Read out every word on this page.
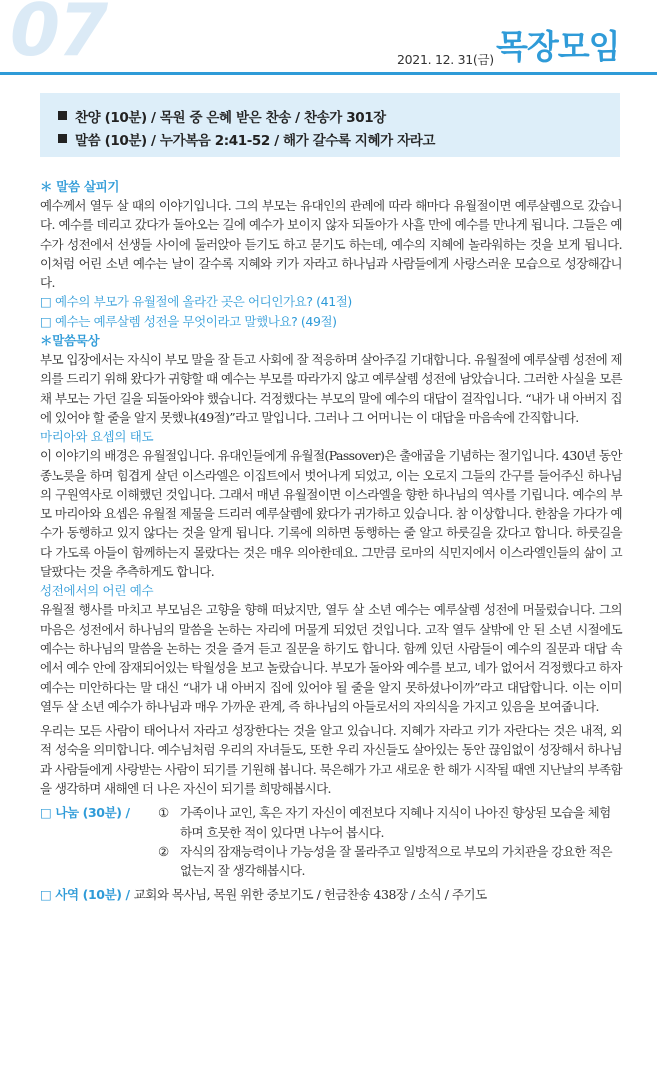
07	2021. 12. 31(금) 목장모임
찬양 (10분) / 목원 중 은혜 받은 찬송 / 찬송가 301장
말씀 (10분) / 누가복음 2:41-52 / 해가 갈수록 지혜가 자라고
＊ 말씀 살피기

예수께서 열두 살 때의 이야기입니다. 그의 부모는 유대인의 관례에 따라 해마다 유월절이면 예루살렘으로 갔습니다. 예수를 데리고 갔다가 돌아오는 길에 예수가 보이지 않자 되돌아가 사흘 만에 예수를 만나게 됩니다. 그들은 예수가 성전에서 선생들 사이에 둘러앉아 듣기도 하고 묻기도 하는데, 예수의 지혜에 놀라워하는 것을 보게 됩니다. 이처럼 어린 소년 예수는 날이 갈수록 지혜와 키가 자라고 하나님과 사람들에게 사랑스러운 모습으로 성장해갑니다.

□ 예수의 부모가 유월절에 올라간 곳은 어디인가요? (41절)
□ 예수는 예루살렘 성전을 무엇이라고 말했나요? (49절)
＊말씀묵상

부모 입장에서는 자식이 부모 말을 잘 듣고 사회에 잘 적응하며 살아주길 기대합니다. 유월절에 예루살렘 성전에 제의를 드리기 위해 왔다가 귀향할 때 예수는 부모를 따라가지 않고 예루살렘 성전에 남았습니다. 그러한 사실을 모른 채 부모는 가던 길을 되돌아와야 했습니다. 걱정했다는 부모의 말에 예수의 대답이 걸작입니다. “내가 내 아버지 집에 있어야 할 줄을 알지 못했냐(49절)”라고 말입니다. 그러나 그 어머니는 이 대답을 마음속에 간직합니다.

마리아와 요셉의 태도

이 이야기의 배경은 유월절입니다. 유대인들에게 유월절(Passover)은 출애굽을 기념하는 절기입니다. 430년 동안 종노릇을 하며 힘겹게 살던 이스라엘은 이집트에서 벗어나게 되었고, 이는 오로지 그들의 간구를 들어주신 하나님의 구원역사로 이해했던 것입니다. 그래서 매년 유월절이면 이스라엘을 향한 하나님의 역사를 기립니다. 예수의 부모 마리아와 요셉은 유월절 제물을 드리러 예루살렘에 왔다가 귀가하고 있습니다. 참 이상합니다. 한참을 가다가 예수가 동행하고 있지 않다는 것을 알게 됩니다. 기록에 의하면 동행하는 줄 알고 하룻길을 갔다고 합니다. 하룻길을 다 가도록 아들이 함께하는지 몰랐다는 것은 매우 의아한데요. 그만큼 로마의 식민지에서 이스라엘인들의 삶이 고달팠다는 것을 추측하게도 합니다.

성전에서의 어린 예수

유월절 행사를 마치고 부모님은 고향을 향해 떠났지만, 열두 살 소년 예수는 예루살렘 성전에 머물렀습니다. 그의 마음은 성전에서 하나님의 말씀을 논하는 자리에 머물게 되었던 것입니다. 고작 열두 살밖에 안 된 소년 시절에도 예수는 하나님의 말씀을 논하는 것을 즐겨 듣고 질문을 하기도 합니다. 함께 있던 사람들이 예수의 질문과 대답 속에서 예수 안에 잠재되어있는 탁월성을 보고 놀랐습니다. 부모가 돌아와 예수를 보고, 네가 없어서 걱정했다고 하자 예수는 미안하다는 말 대신 “내가 내 아버지 집에 있어야 될 줄을 알지 못하셨나이까”라고 대답합니다. 이는 이미 열두 살 소년 예수가 하나님과 매우 가까운 관계, 즉 하나님의 아들로서의 자의식을 가지고 있음을 보여줍니다.

우리는 모든 사람이 태어나서 자라고 성장한다는 것을 알고 있습니다. 지혜가 자라고 키가 자란다는 것은 내적, 외적 성숙을 의미합니다. 예수님처럼 우리의 자녀들도, 또한 우리 자신들도 살아있는 동안 끊임없이 성장해서 하나님과 사람들에게 사랑받는 사람이 되기를 기원해 봅니다. 묵은해가 가고 새로운 한 해가 시작될 때엔 지난날의 부족함을 생각하며 새해엔 더 나은 자신이 되기를 희망해봅시다.

□ 나눔 (30분) /	① 가족이나 교인, 혹은 자기 자신이 예전보다 지혜나 지식이 나아진 향상된 모습을 체험하며 흐뭇한 적이 있다면 나누어 봅시다.
② 자식의 잠재능력이나 가능성을 잘 몰라주고 일방적으로 부모의 가치관을 강요한 적은 없는지 잘 생각해봅시다.
□ 사역 (10분) / 교회와 목사님, 목원 위한 중보기도 / 헌금찬송 438장 / 소식 / 주기도
